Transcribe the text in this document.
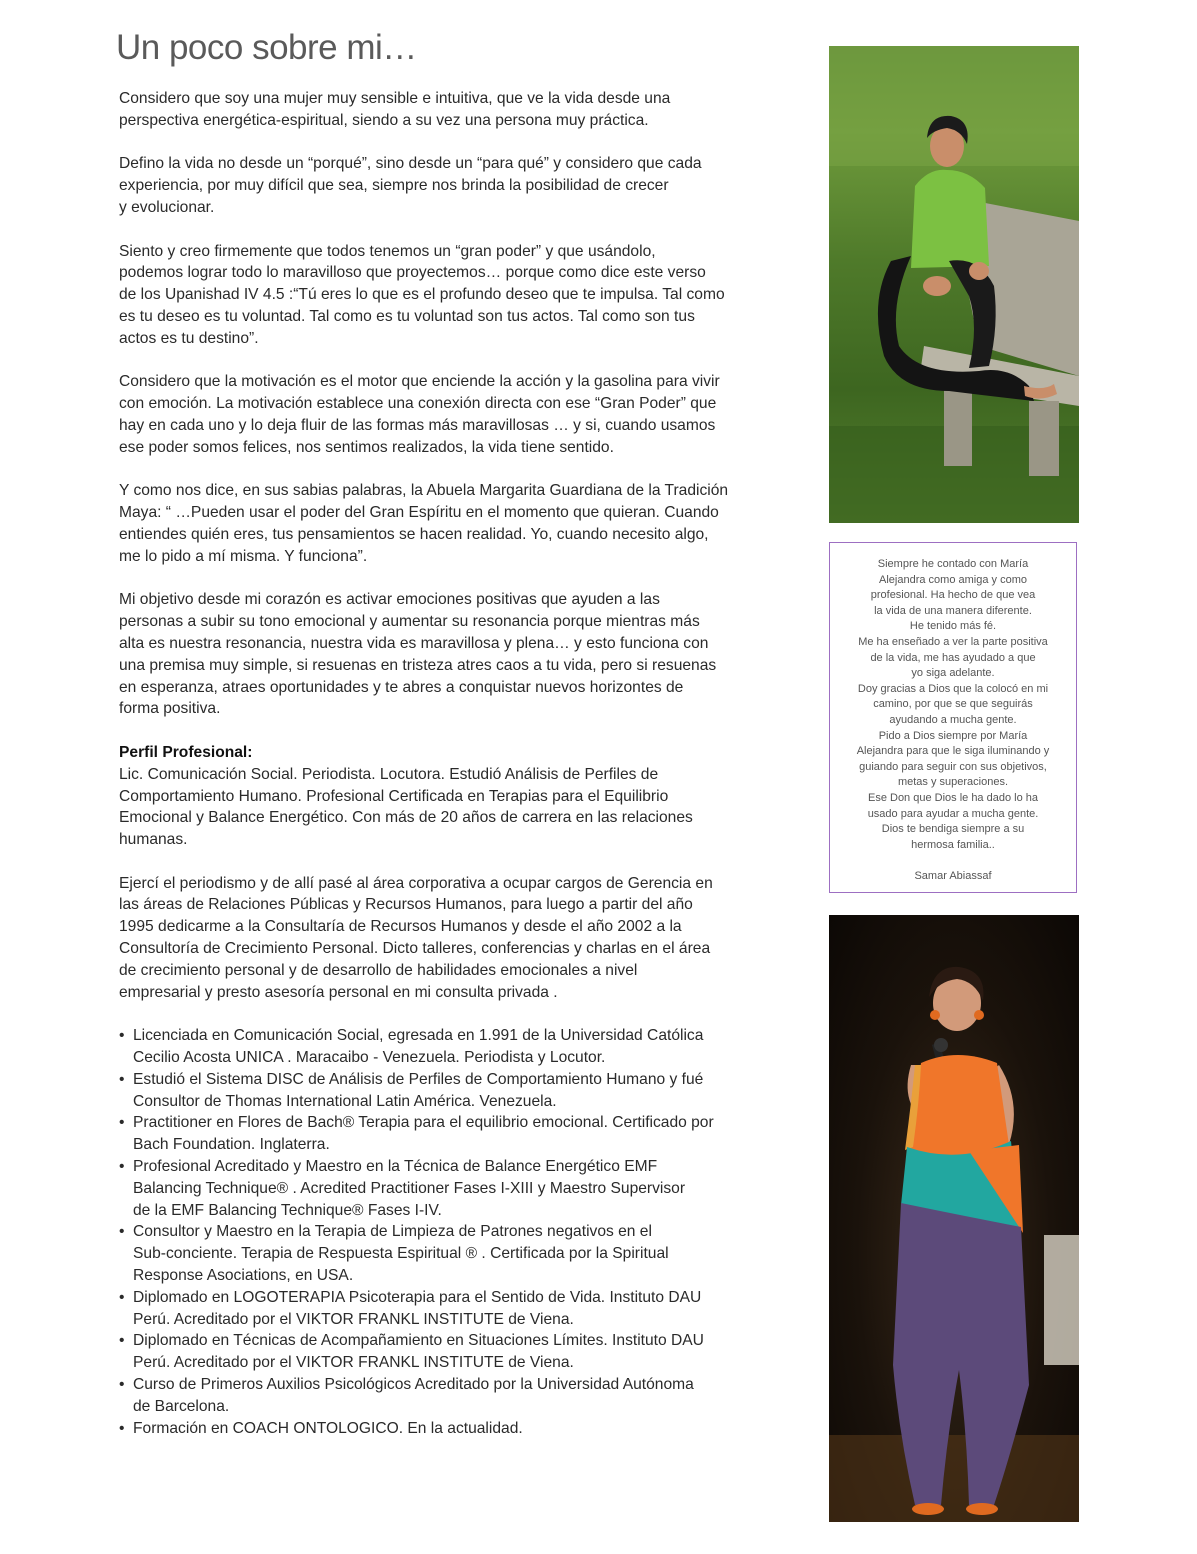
Un poco sobre mi…

Considero que soy una mujer muy sensible e intuitiva, que ve la vida desde una
perspectiva energética-espiritual, siendo a su vez una persona muy práctica.

Defino la vida no desde un “porqué”, sino desde un “para qué” y considero que cada
experiencia, por muy difícil que sea, siempre nos brinda la posibilidad de crecer
y evolucionar.

Siento y creo firmemente que todos tenemos un “gran poder” y que usándolo,
podemos lograr todo lo maravilloso que proyectemos… porque como dice este verso
de los Upanishad IV 4.5 :“Tú eres lo que es el profundo deseo que te impulsa. Tal como
es tu deseo es tu voluntad. Tal como es tu voluntad son tus actos. Tal como son tus
actos es tu destino”.

Considero que la motivación es el motor que enciende la acción y la gasolina para vivir
con emoción. La motivación establece una conexión directa con ese “Gran Poder” que
hay en cada uno y lo deja fluir de las formas más maravillosas … y si, cuando usamos
ese poder somos felices, nos sentimos realizados, la vida tiene sentido.

Y como nos dice, en sus sabias palabras, la Abuela Margarita Guardiana de la Tradición
Maya: “ …Pueden usar el poder del Gran Espíritu en el momento que quieran. Cuando
entiendes quién eres, tus pensamientos se hacen realidad. Yo, cuando necesito algo,
me lo pido a mí misma. Y funciona”.

Mi objetivo desde mi corazón es activar emociones positivas que ayuden a las
personas a subir su tono emocional y aumentar su resonancia porque mientras más
alta es nuestra resonancia, nuestra vida es maravillosa y plena… y esto funciona con
una premisa muy simple, si resuenas en tristeza atres caos a tu vida, pero si resuenas
en esperanza, atraes oportunidades y te abres a conquistar nuevos horizontes de
forma positiva.

Perfil Profesional:

Lic. Comunicación Social. Periodista. Locutora. Estudió Análisis de Perfiles de
Comportamiento Humano. Profesional Certificada en Terapias para el Equilibrio
Emocional y Balance Energético. Con más de 20 años de carrera en las relaciones
humanas.

Ejercí el periodismo y de allí pasé al área corporativa a ocupar cargos de Gerencia en
las áreas de Relaciones Públicas y Recursos Humanos, para luego a partir del año
1995 dedicarme a la Consultaría de Recursos Humanos y desde el año 2002 a la
Consultoría de Crecimiento Personal. Dicto talleres, conferencias y charlas en el área
de crecimiento personal y de desarrollo de habilidades emocionales a nivel
empresarial y presto asesoría personal en mi consulta privada .

• Licenciada en Comunicación Social, egresada en 1.991 de la Universidad Católica
Cecilio Acosta UNICA . Maracaibo - Venezuela. Periodista y Locutor.
• Estudió el Sistema DISC de Análisis de Perfiles de Comportamiento Humano y fué
Consultor de Thomas International Latin América. Venezuela.
• Practitioner en Flores de Bach® Terapia para el equilibrio emocional. Certificado por
Bach Foundation. Inglaterra.
• Profesional Acreditado y Maestro en la Técnica de Balance Energético EMF
Balancing Technique® . Acredited Practitioner Fases I-XIII y Maestro Supervisor
de la EMF Balancing Technique® Fases I-IV.
• Consultor y Maestro en la Terapia de Limpieza de Patrones negativos en el
Sub-conciente. Terapia de Respuesta Espiritual ® . Certificada por la Spiritual
Response Asociations, en USA.
• Diplomado en LOGOTERAPIA Psicoterapia para el Sentido de Vida. Instituto DAU
Perú. Acreditado por el VIKTOR FRANKL INSTITUTE de Viena.
• Diplomado en Técnicas de Acompañamiento en Situaciones Límites. Instituto DAU
Perú. Acreditado por el VIKTOR FRANKL INSTITUTE de Viena.
• Curso de Primeros Auxilios Psicológicos Acreditado por la Universidad Autónoma
de Barcelona.
• Formación en COACH ONTOLOGICO. En la actualidad.

Siempre he contado con María
Alejandra como amiga y como
profesional. Ha hecho de que vea
la vida de una manera diferente.
He tenido más fé.
Me ha enseñado a ver la parte positiva
de la vida, me has ayudado a que
yo siga adelante.
Doy gracias a Dios que la colocó en mi
camino, por que se que seguirás
ayudando a mucha gente.
Pido a Dios siempre por María
Alejandra para que le siga iluminando y
guiando para seguir con sus objetivos,
metas y superaciones.
Ese Don que Dios le ha dado lo ha
usado para ayudar a mucha gente.
Dios te bendiga siempre a su
hermosa familia..

Samar Abiassaf
